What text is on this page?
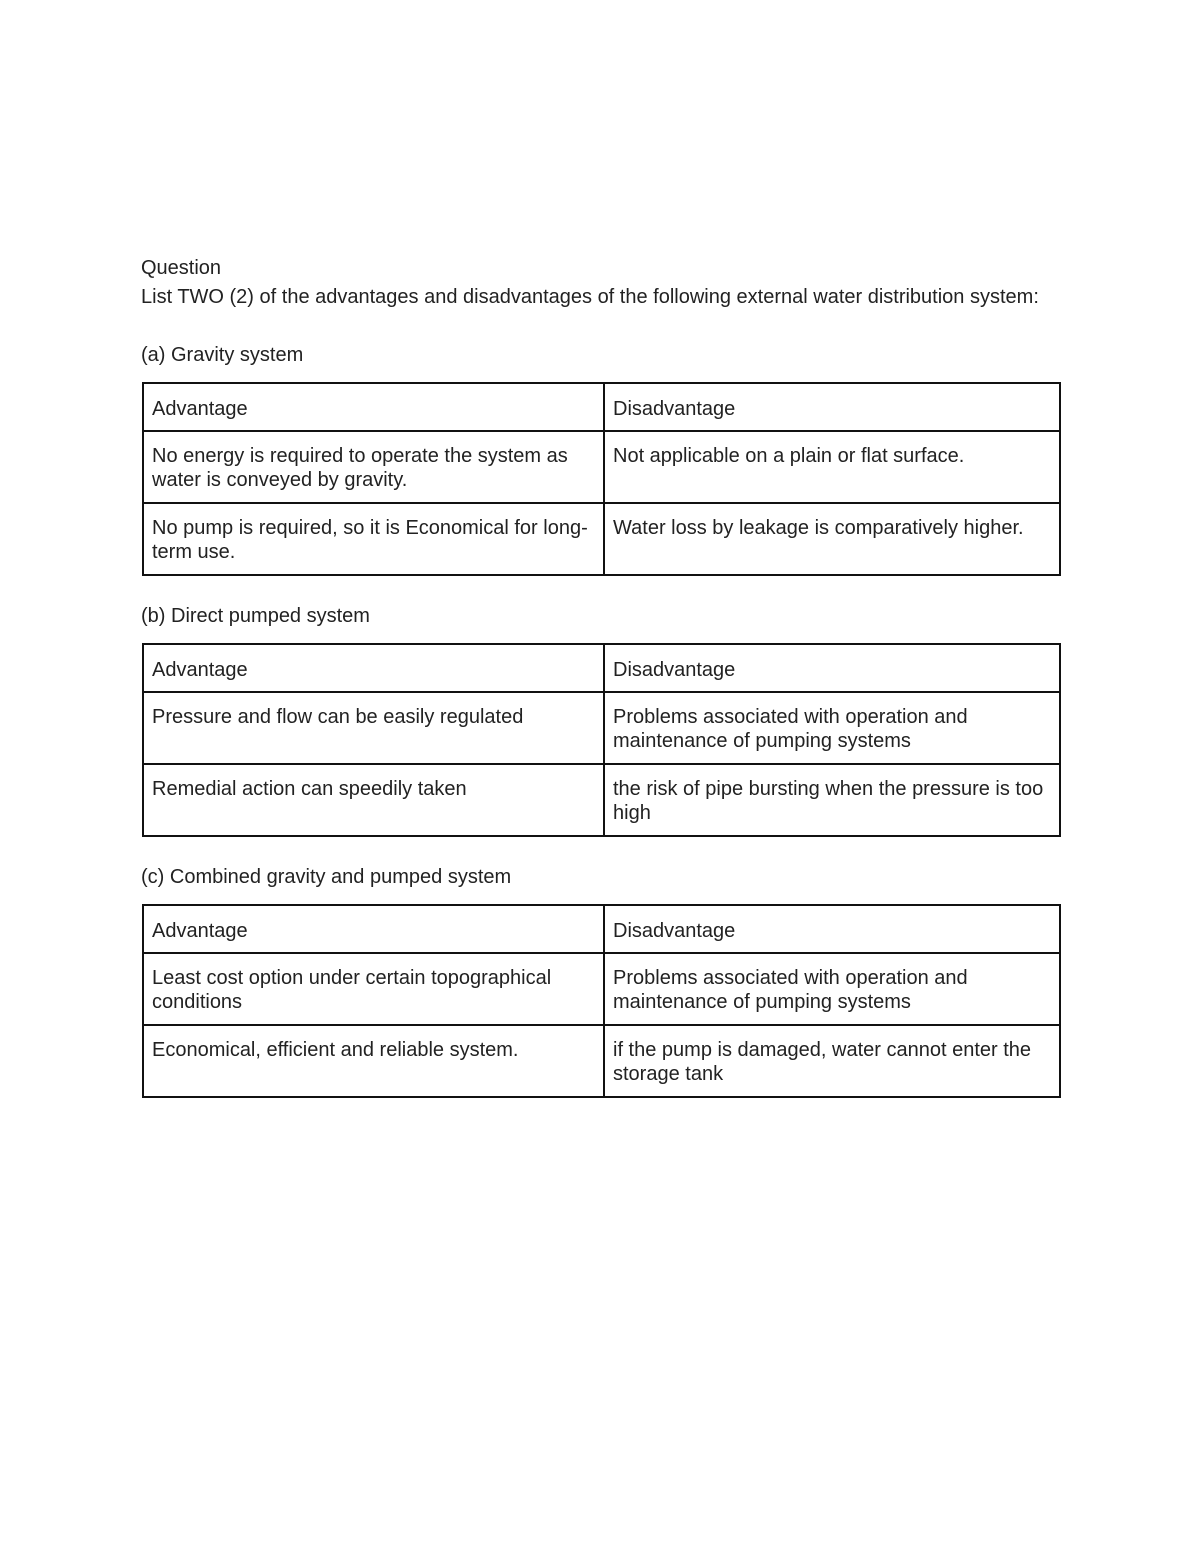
Question

List TWO (2) of the advantages and disadvantages of the following external water distribution system:

(a) Gravity system

Advantage	Disadvantage
No energy is required to operate the system as water is conveyed by gravity.	Not applicable on a plain or flat surface.
No pump is required, so it is Economical for long-term use.	Water loss by leakage is comparatively higher.

(b) Direct pumped system

Advantage	Disadvantage
Pressure and flow can be easily regulated	Problems associated with operation and maintenance of pumping systems
Remedial action can speedily taken	the risk of pipe bursting when the pressure is too high

(c) Combined gravity and pumped system

Advantage	Disadvantage
Least cost option under certain topographical conditions	Problems associated with operation and maintenance of pumping systems
Economical, efficient and reliable system.	if the pump is damaged, water cannot enter the storage tank
